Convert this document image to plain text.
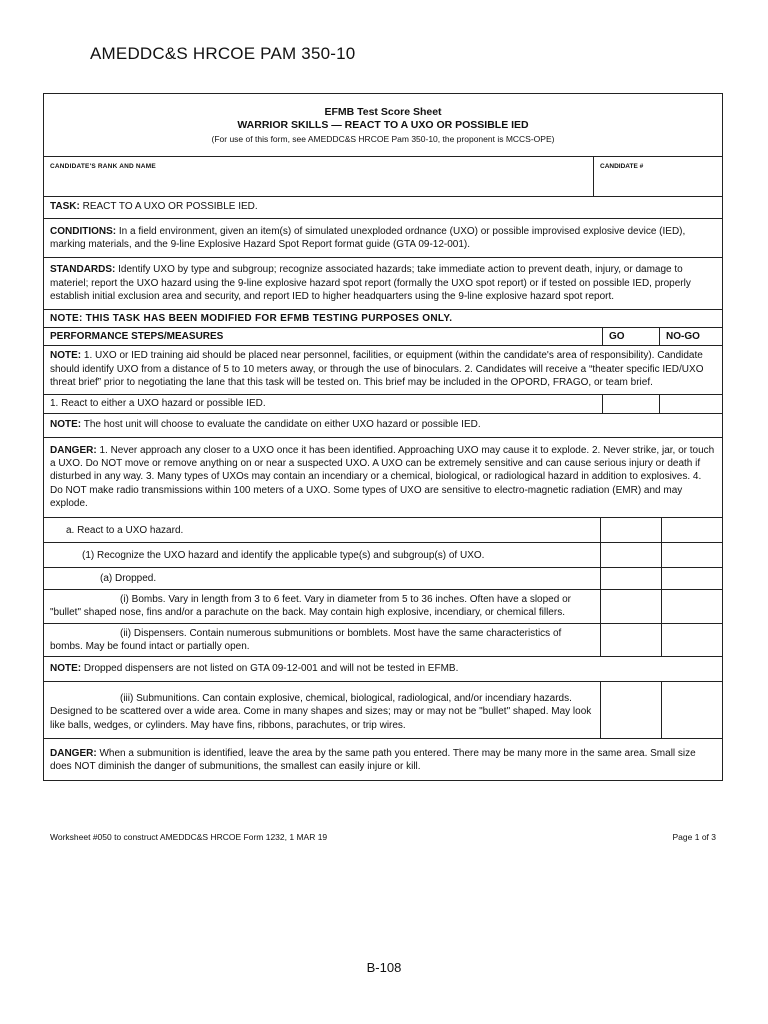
AMEDDC&S HRCOE PAM 350-10
EFMB Test Score Sheet
WARRIOR SKILLS — REACT TO A UXO OR POSSIBLE IED
(For use of this form, see AMEDDC&S HRCOE Pam 350-10, the proponent is MCCS-OPE)
CANDIDATE'S RANK AND NAME	CANDIDATE #
TASK: REACT TO A UXO OR POSSIBLE IED.
CONDITIONS: In a field environment, given an item(s) of simulated unexploded ordnance (UXO) or possible improvised explosive device (IED), marking materials, and the 9-line Explosive Hazard Spot Report format guide (GTA 09-12-001).
STANDARDS: Identify UXO by type and subgroup; recognize associated hazards; take immediate action to prevent death, injury, or damage to materiel; report the UXO hazard using the 9-line explosive hazard spot report (formally the UXO spot report) or if tested on possible IED, properly establish initial exclusion area and security, and report IED to higher headquarters using the 9-line explosive hazard spot report.
NOTE: THIS TASK HAS BEEN MODIFIED FOR EFMB TESTING PURPOSES ONLY.
PERFORMANCE STEPS/MEASURES	GO	NO-GO
NOTE: 1. UXO or IED training aid should be placed near personnel, facilities, or equipment (within the candidate's area of responsibility). Candidate should identify UXO from a distance of 5 to 10 meters away, or through the use of binoculars. 2. Candidates will receive a “theater specific IED/UXO threat brief” prior to negotiating the lane that this task will be tested on. This brief may be included in the OPORD, FRAGO, or team brief.
1. React to either a UXO hazard or possible IED.
NOTE: The host unit will choose to evaluate the candidate on either UXO hazard or possible IED.
DANGER: 1. Never approach any closer to a UXO once it has been identified. Approaching UXO may cause it to explode. 2. Never strike, jar, or touch a UXO. Do NOT move or remove anything on or near a suspected UXO. A UXO can be extremely sensitive and can cause serious injury or death if disturbed in any way. 3. Many types of UXOs may contain an incendiary or a chemical, biological, or radiological hazard in addition to explosives. 4. Do NOT make radio transmissions within 100 meters of a UXO. Some types of UXO are sensitive to electro-magnetic radiation (EMR) and may explode.
a. React to a UXO hazard.
(1) Recognize the UXO hazard and identify the applicable type(s) and subgroup(s) of UXO.
(a) Dropped.
(i) Bombs. Vary in length from 3 to 6 feet. Vary in diameter from 5 to 36 inches. Often have a sloped or "bullet" shaped nose, fins and/or a parachute on the back. May contain high explosive, incendiary, or chemical fillers.
(ii) Dispensers. Contain numerous submunitions or bomblets. Most have the same characteristics of bombs. May be found intact or partially open.
NOTE: Dropped dispensers are not listed on GTA 09-12-001 and will not be tested in EFMB.
(iii) Submunitions. Can contain explosive, chemical, biological, radiological, and/or incendiary hazards. Designed to be scattered over a wide area. Come in many shapes and sizes; may or may not be "bullet" shaped. May look like balls, wedges, or cylinders. May have fins, ribbons, parachutes, or trip wires.
DANGER: When a submunition is identified, leave the area by the same path you entered. There may be many more in the same area. Small size does NOT diminish the danger of submunitions, the smallest can easily injure or kill.
Worksheet #050 to construct AMEDDC&S HRCOE Form 1232, 1 MAR 19	Page 1 of 3
B-108
